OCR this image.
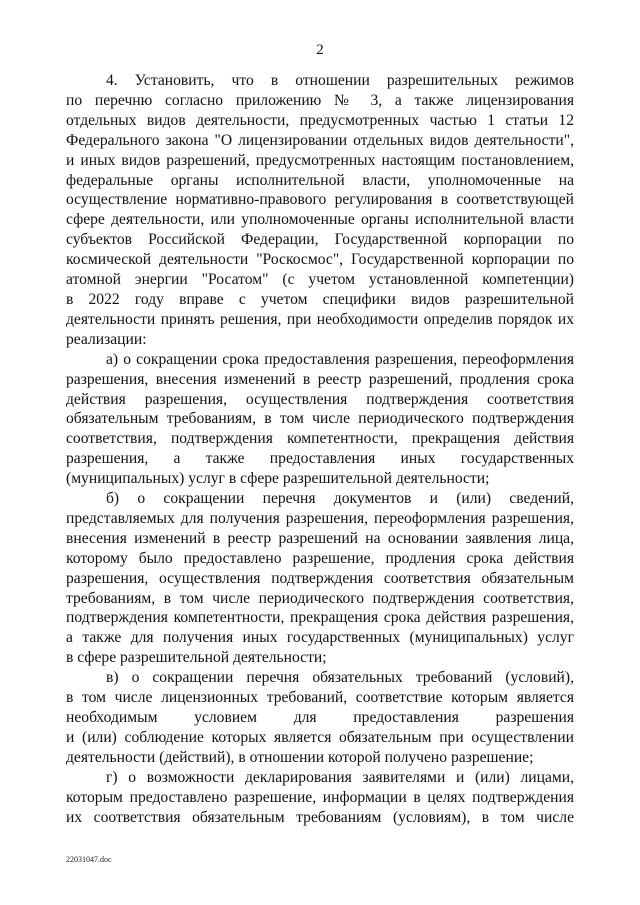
2
4. Установить, что в отношении разрешительных режимов
по перечню согласно приложению № 3, а также лицензирования
отдельных видов деятельности, предусмотренных частью 1 статьи 12
Федерального закона "О лицензировании отдельных видов деятельности",
и иных видов разрешений, предусмотренных настоящим постановлением,
федеральные органы исполнительной власти, уполномоченные на
осуществление нормативно-правового регулирования в соответствующей
сфере деятельности, или уполномоченные органы исполнительной власти
субъектов Российской Федерации, Государственной корпорации по
космической деятельности "Роскосмос", Государственной корпорации по
атомной энергии "Росатом" (с учетом установленной компетенции)
в 2022 году вправе с учетом специфики видов разрешительной
деятельности принять решения, при необходимости определив порядок их
реализации:
а) о сокращении срока предоставления разрешения, переоформления
разрешения, внесения изменений в реестр разрешений, продления срока
действия разрешения, осуществления подтверждения соответствия
обязательным требованиям, в том числе периодического подтверждения
соответствия, подтверждения компетентности, прекращения действия
разрешения, а также предоставления иных государственных
(муниципальных) услуг в сфере разрешительной деятельности;
б) о сокращении перечня документов и (или) сведений,
представляемых для получения разрешения, переоформления разрешения,
внесения изменений в реестр разрешений на основании заявления лица,
которому было предоставлено разрешение, продления срока действия
разрешения, осуществления подтверждения соответствия обязательным
требованиям, в том числе периодического подтверждения соответствия,
подтверждения компетентности, прекращения срока действия разрешения,
а также для получения иных государственных (муниципальных) услуг
в сфере разрешительной деятельности;
в) о сокращении перечня обязательных требований (условий),
в том числе лицензионных требований, соответствие которым является
необходимым условием для предоставления разрешения
и (или) соблюдение которых является обязательным при осуществлении
деятельности (действий), в отношении которой получено разрешение;
г) о возможности декларирования заявителями и (или) лицами,
которым предоставлено разрешение, информации в целях подтверждения
их соответствия обязательным требованиям (условиям), в том числе
22031047.doc
